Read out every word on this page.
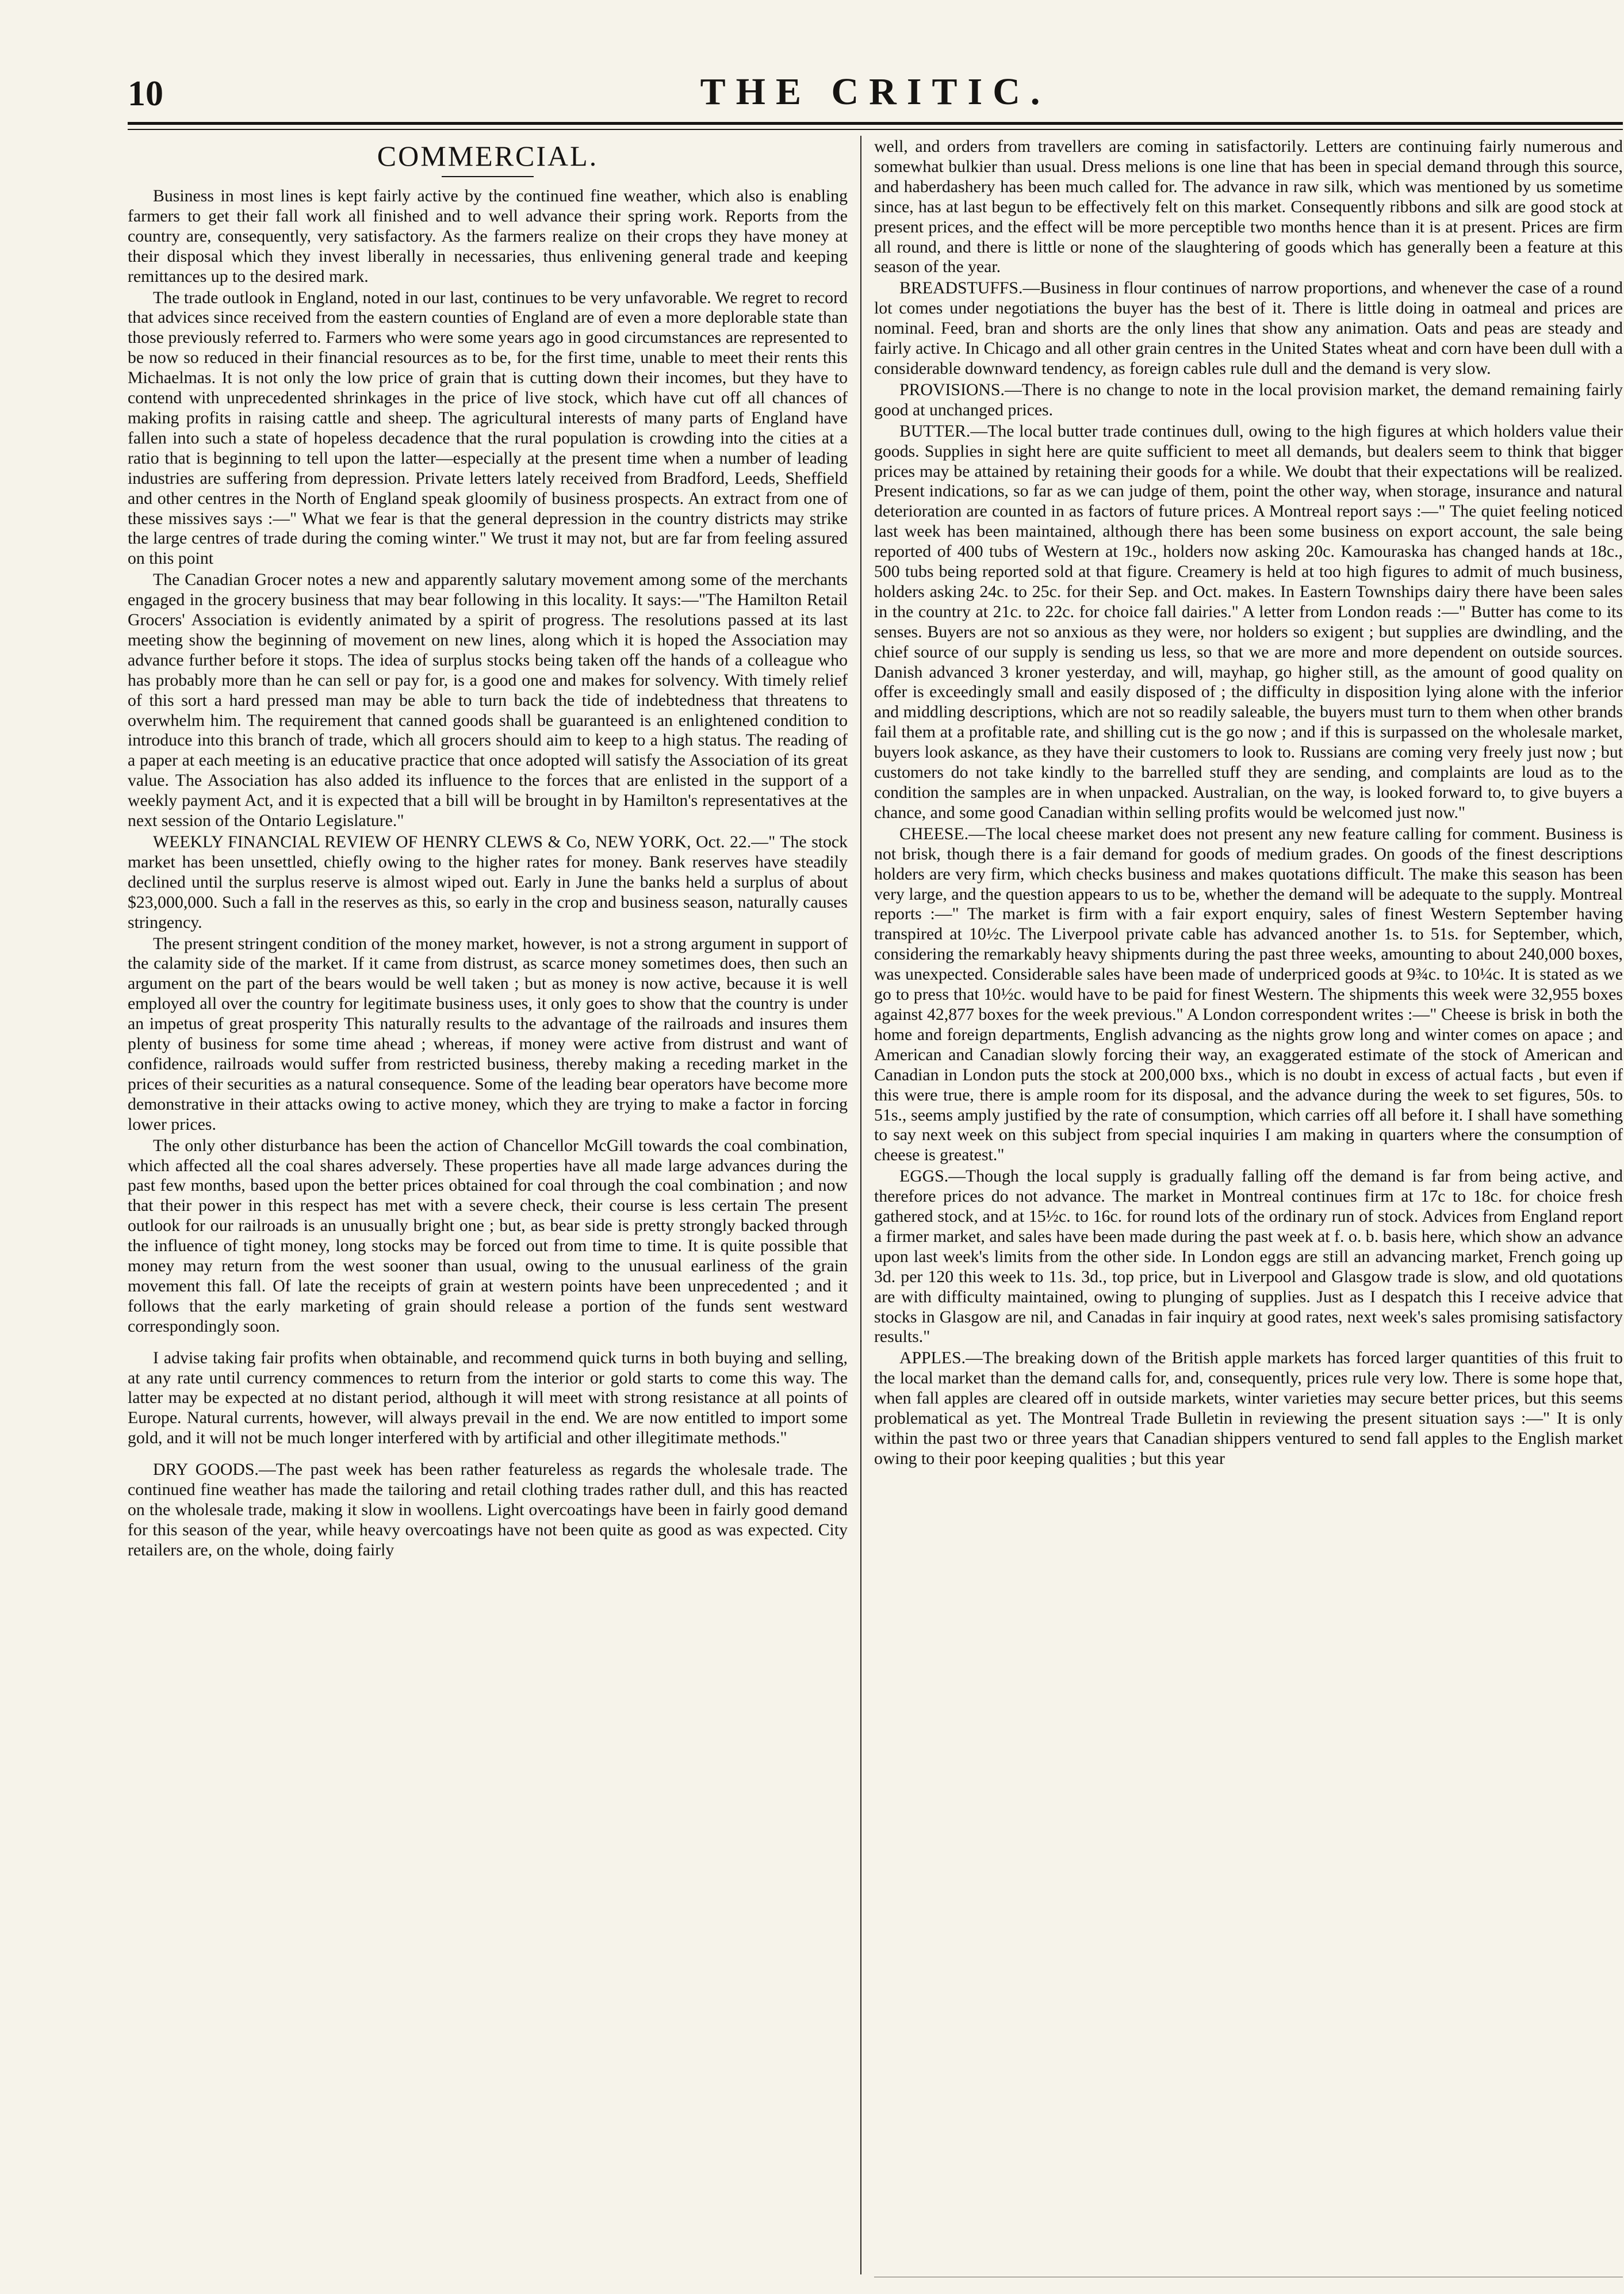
10	THE CRITIC.
COMMERCIAL.

Business in most lines is kept fairly active by the continued fine weather, which also is enabling farmers to get their fall work all finished and to well advance their spring work. Reports from the country are, consequently, very satisfactory. As the farmers realize on their crops they have money at their disposal which they invest liberally in necessaries, thus enlivening general trade and keeping remittances up to the desired mark.

The trade outlook in England, noted in our last, continues to be very unfavorable. We regret to record that advices since received from the eastern counties of England are of even a more deplorable state than those previously referred to. Farmers who were some years ago in good circumstances are represented to be now so reduced in their financial resources as to be, for the first time, unable to meet their rents this Michaelmas. It is not only the low price of grain that is cutting down their incomes, but they have to contend with unprecedented shrinkages in the price of live stock, which have cut off all chances of making profits in raising cattle and sheep. The agricultural interests of many parts of England have fallen into such a state of hopeless decadence that the rural population is crowding into the cities at a ratio that is beginning to tell upon the latter—especially at the present time when a number of leading industries are suffering from depression. Private letters lately received from Bradford, Leeds, Sheffield and other centres in the North of England speak gloomily of business prospects. An extract from one of these missives says :—" What we fear is that the general depression in the country districts may strike the large centres of trade during the coming winter." We trust it may not, but are far from feeling assured on this point

The Canadian Grocer notes a new and apparently salutary movement among some of the merchants engaged in the grocery business that may bear following in this locality. It says:—"The Hamilton Retail Grocers' Association is evidently animated by a spirit of progress. The resolutions passed at its last meeting show the beginning of movement on new lines, along which it is hoped the Association may advance further before it stops. The idea of surplus stocks being taken off the hands of a colleague who has probably more than he can sell or pay for, is a good one and makes for solvency. With timely relief of this sort a hard pressed man may be able to turn back the tide of indebtedness that threatens to overwhelm him. The requirement that canned goods shall be guaranteed is an enlightened condition to introduce into this branch of trade, which all grocers should aim to keep to a high status. The reading of a paper at each meeting is an educative practice that once adopted will satisfy the Association of its great value. The Association has also added its influence to the forces that are enlisted in the support of a weekly payment Act, and it is expected that a bill will be brought in by Hamilton's representatives at the next session of the Ontario Legislature."

WEEKLY FINANCIAL REVIEW OF HENRY CLEWS & Co, NEW YORK, Oct. 22.—" The stock market has been unsettled, chiefly owing to the higher rates for money. Bank reserves have steadily declined until the surplus reserve is almost wiped out. Early in June the banks held a surplus of about $23,000,000. Such a fall in the reserves as this, so early in the crop and business season, naturally causes stringency.

The present stringent condition of the money market, however, is not a strong argument in support of the calamity side of the market. If it came from distrust, as scarce money sometimes does, then such an argument on the part of the bears would be well taken ; but as money is now active, because it is well employed all over the country for legitimate business uses, it only goes to show that the country is under an impetus of great prosperity This naturally results to the advantage of the railroads and insures them plenty of business for some time ahead ; whereas, if money were active from distrust and want of confidence, railroads would suffer from restricted business, thereby making a receding market in the prices of their securities as a natural consequence. Some of the leading bear operators have become more demonstrative in their attacks owing to active money, which they are trying to make a factor in forcing lower prices.

The only other disturbance has been the action of Chancellor McGill towards the coal combination, which affected all the coal shares adversely. These properties have all made large advances during the past few months, based upon the better prices obtained for coal through the coal combination ; and now that their power in this respect has met with a severe check, their course is less certain The present outlook for our railroads is an unusually bright one ; but, as bear side is pretty strongly backed through the influence of tight money, long stocks may be forced out from time to time. It is quite possible that money may return from the west sooner than usual, owing to the unusual earliness of the grain movement this fall. Of late the receipts of grain at western points have been unprecedented ; and it follows that the early marketing of grain should release a portion of the funds sent westward correspondingly soon.

I advise taking fair profits when obtainable, and recommend quick turns in both buying and selling, at any rate until currency commences to return from the interior or gold starts to come this way. The latter may be expected at no distant period, although it will meet with strong resistance at all points of Europe. Natural currents, however, will always prevail in the end. We are now entitled to import some gold, and it will not be much longer interfered with by artificial and other illegitimate methods."

DRY GOODS.—The past week has been rather featureless as regards the wholesale trade. The continued fine weather has made the tailoring and retail clothing trades rather dull, and this has reacted on the wholesale trade, making it slow in woollens. Light overcoatings have been in fairly good demand for this season of the year, while heavy overcoatings have not been quite as good as was expected. City retailers are, on the whole, doing fairly

well, and orders from travellers are coming in satisfactorily. Letters are continuing fairly numerous and somewhat bulkier than usual. Dress melions is one line that has been in special demand through this source, and haberdashery has been much called for. The advance in raw silk, which was mentioned by us sometime since, has at last begun to be effectively felt on this market. Consequently ribbons and silk are good stock at present prices, and the effect will be more perceptible two months hence than it is at present. Prices are firm all round, and there is little or none of the slaughtering of goods which has generally been a feature at this season of the year.

BREADSTUFFS.—Business in flour continues of narrow proportions, and whenever the case of a round lot comes under negotiations the buyer has the best of it. There is little doing in oatmeal and prices are nominal. Feed, bran and shorts are the only lines that show any animation. Oats and peas are steady and fairly active. In Chicago and all other grain centres in the United States wheat and corn have been dull with a considerable downward tendency, as foreign cables rule dull and the demand is very slow.

PROVISIONS.—There is no change to note in the local provision market, the demand remaining fairly good at unchanged prices.

BUTTER.—The local butter trade continues dull, owing to the high figures at which holders value their goods. Supplies in sight here are quite sufficient to meet all demands, but dealers seem to think that bigger prices may be attained by retaining their goods for a while. We doubt that their expectations will be realized. Present indications, so far as we can judge of them, point the other way, when storage, insurance and natural deterioration are counted in as factors of future prices. A Montreal report says :—" The quiet feeling noticed last week has been maintained, although there has been some business on export account, the sale being reported of 400 tubs of Western at 19c., holders now asking 20c. Kamouraska has changed hands at 18c., 500 tubs being reported sold at that figure. Creamery is held at too high figures to admit of much business, holders asking 24c. to 25c. for their Sep. and Oct. makes. In Eastern Townships dairy there have been sales in the country at 21c. to 22c. for choice fall dairies." A letter from London reads :—" Butter has come to its senses. Buyers are not so anxious as they were, nor holders so exigent ; but supplies are dwindling, and the chief source of our supply is sending us less, so that we are more and more dependent on outside sources. Danish advanced 3 kroner yesterday, and will, mayhap, go higher still, as the amount of good quality on offer is exceedingly small and easily disposed of ; the difficulty in disposition lying alone with the inferior and middling descriptions, which are not so readily saleable, the buyers must turn to them when other brands fail them at a profitable rate, and shilling cut is the go now ; and if this is surpassed on the wholesale market, buyers look askance, as they have their customers to look to. Russians are coming very freely just now ; but customers do not take kindly to the barrelled stuff they are sending, and complaints are loud as to the condition the samples are in when unpacked. Australian, on the way, is looked forward to, to give buyers a chance, and some good Canadian within selling profits would be welcomed just now."

CHEESE.—The local cheese market does not present any new feature calling for comment. Business is not brisk, though there is a fair demand for goods of medium grades. On goods of the finest descriptions holders are very firm, which checks business and makes quotations difficult. The make this season has been very large, and the question appears to us to be, whether the demand will be adequate to the supply. Montreal reports :—" The market is firm with a fair export enquiry, sales of finest Western September having transpired at 10½c. The Liverpool private cable has advanced another 1s. to 51s. for September, which, considering the remarkably heavy shipments during the past three weeks, amounting to about 240,000 boxes, was unexpected. Considerable sales have been made of underpriced goods at 9¾c. to 10¼c. It is stated as we go to press that 10½c. would have to be paid for finest Western. The shipments this week were 32,955 boxes against 42,877 boxes for the week previous." A London correspondent writes :—" Cheese is brisk in both the home and foreign departments, English advancing as the nights grow long and winter comes on apace ; and American and Canadian slowly forcing their way, an exaggerated estimate of the stock of American and Canadian in London puts the stock at 200,000 bxs., which is no doubt in excess of actual facts , but even if this were true, there is ample room for its disposal, and the advance during the week to set figures, 50s. to 51s., seems amply justified by the rate of consumption, which carries off all before it. I shall have something to say next week on this subject from special inquiries I am making in quarters where the consumption of cheese is greatest."

EGGS.—Though the local supply is gradually falling off the demand is far from being active, and therefore prices do not advance. The market in Montreal continues firm at 17c to 18c. for choice fresh gathered stock, and at 15½c. to 16c. for round lots of the ordinary run of stock. Advices from England report a firmer market, and sales have been made during the past week at f. o. b. basis here, which show an advance upon last week's limits from the other side. In London eggs are still an advancing market, French going up 3d. per 120 this week to 11s. 3d., top price, but in Liverpool and Glasgow trade is slow, and old quotations are with difficulty maintained, owing to plunging of supplies. Just as I despatch this I receive advice that stocks in Glasgow are nil, and Canadas in fair inquiry at good rates, next week's sales promising satisfactory results."

APPLES.—The breaking down of the British apple markets has forced larger quantities of this fruit to the local market than the demand calls for, and, consequently, prices rule very low. There is some hope that, when fall apples are cleared off in outside markets, winter varieties may secure better prices, but this seems problematical as yet. The Montreal Trade Bulletin in reviewing the present situation says :—" It is only within the past two or three years that Canadian shippers ventured to send fall apples to the English market owing to their poor keeping qualities ; but this year
